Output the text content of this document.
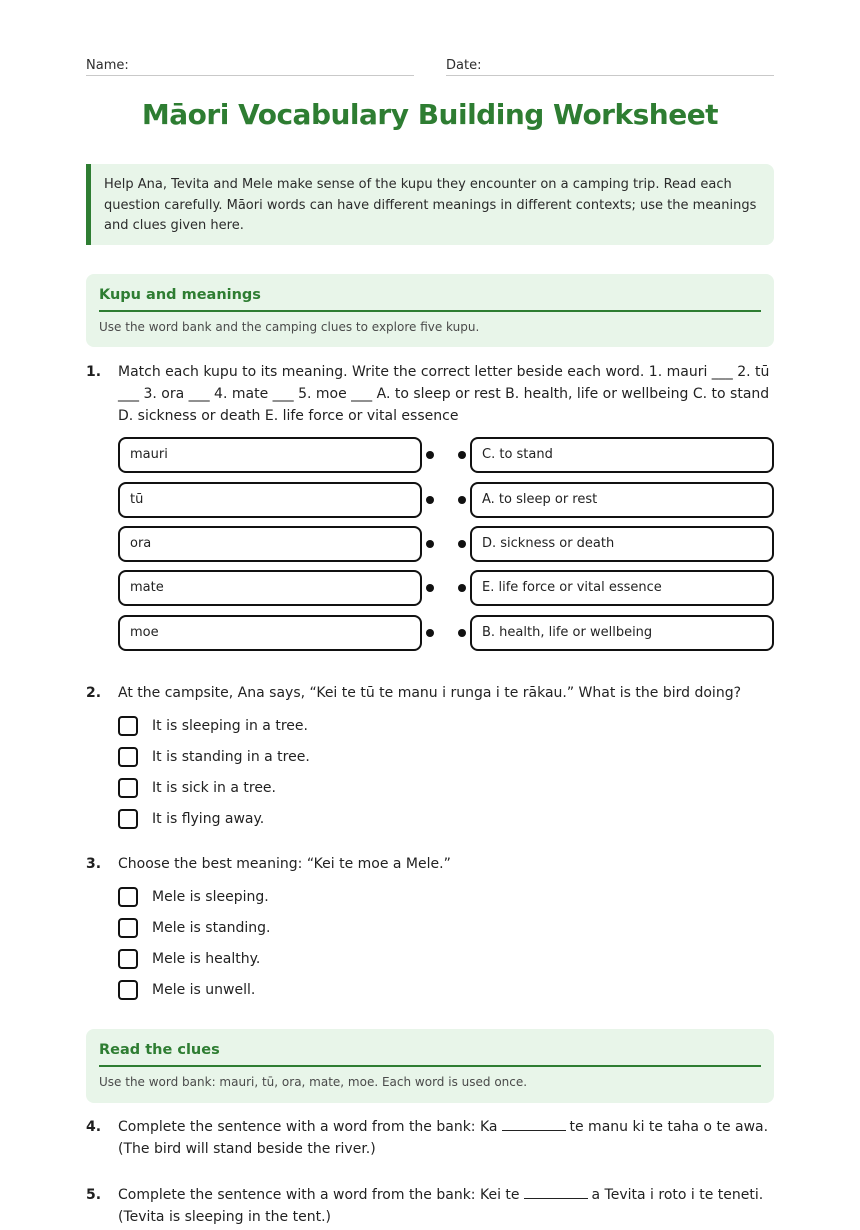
Name:	Date:
Māori Vocabulary Building Worksheet
Help Ana, Tevita and Mele make sense of the kupu they encounter on a camping trip. Read each question carefully. Māori words can have different meanings in different contexts; use the meanings and clues given here.
Kupu and meanings
Use the word bank and the camping clues to explore five kupu.
1. Match each kupu to its meaning. Write the correct letter beside each word. 1. mauri ___ 2. tū ___ 3. ora ___ 4. mate ___ 5. moe ___ A. to sleep or rest B. health, life or wellbeing C. to stand D. sickness or death E. life force or vital essence
mauri	C. to stand
tū	A. to sleep or rest
ora	D. sickness or death
mate	E. life force or vital essence
moe	B. health, life or wellbeing
2. At the campsite, Ana says, “Kei te tū te manu i runga i te rākau.” What is the bird doing?
It is sleeping in a tree.
It is standing in a tree.
It is sick in a tree.
It is flying away.
3. Choose the best meaning: “Kei te moe a Mele.”
Mele is sleeping.
Mele is standing.
Mele is healthy.
Mele is unwell.
Read the clues
Use the word bank: mauri, tū, ora, mate, moe. Each word is used once.
4. Complete the sentence with a word from the bank: Ka	te manu ki te taha o te awa.
(The bird will stand beside the river.)
5. Complete the sentence with a word from the bank: Kei te	a Tevita i roto i te teneti.
(Tevita is sleeping in the tent.)
